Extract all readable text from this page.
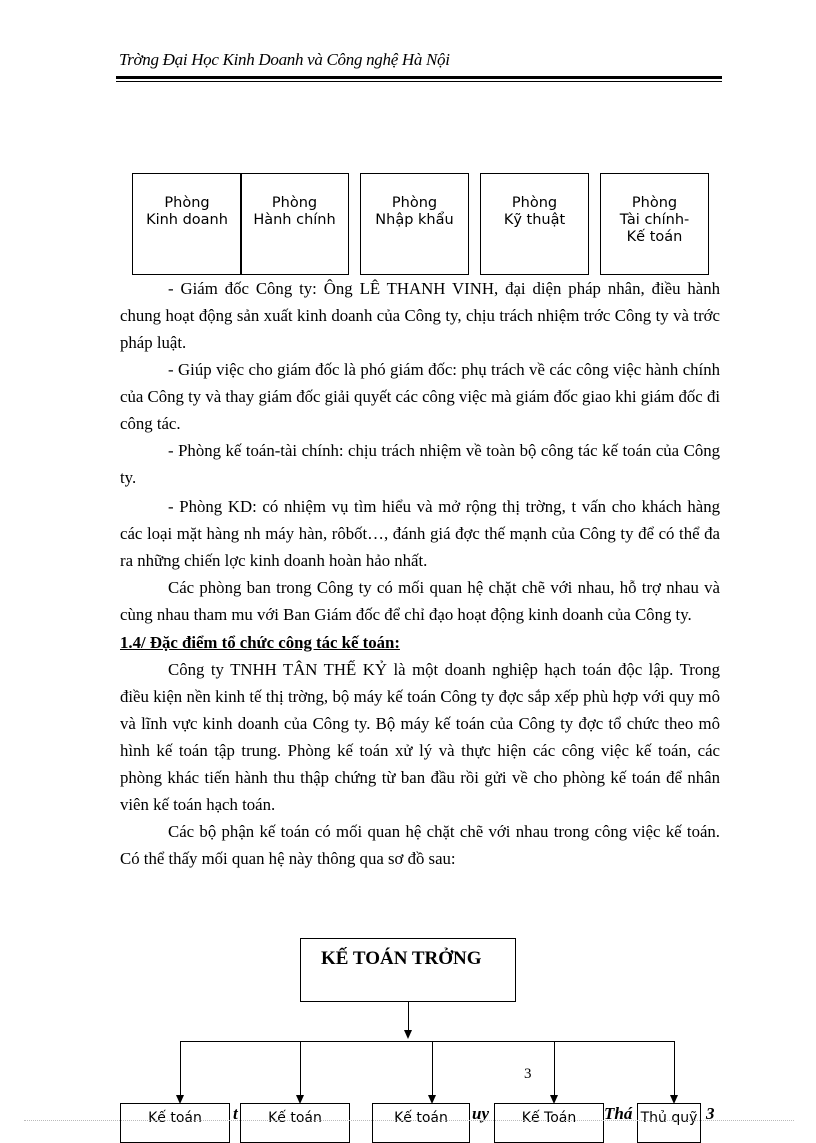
Trờng Đại Học Kinh Doanh và Công nghệ Hà Nội
Phòng
Kinh doanh
Phòng
Hành chính
Phòng
Nhập khẩu
Phòng
Kỹ thuật
Phòng
Tài chính-
Kế toán

- Giám đốc Công ty: Ông LÊ THANH VINH, đại diện pháp nhân, điều hành chung hoạt động sản xuất kinh doanh của Công ty, chịu trách nhiệm trớc Công ty và trớc pháp luật.

- Giúp việc cho giám đốc là phó giám đốc: phụ trách về các công việc hành chính của Công ty và thay giám đốc giải quyết các công việc mà giám đốc giao khi giám đốc đi công tác.

- Phòng kế toán-tài chính: chịu trách nhiệm về toàn bộ công tác kế toán của Công ty.

- Phòng KD: có nhiệm vụ tìm hiểu và mở rộng thị trờng, t vấn cho khách hàng các loại mặt hàng nh máy hàn, rôbốt…, đánh giá đợc thế mạnh của Công ty để có thể đa ra những chiến lợc kinh doanh hoàn hảo nhất.

Các phòng ban trong Công ty có mối quan hệ chặt chẽ với nhau, hỗ trợ nhau và cùng nhau tham mu với Ban Giám đốc để chỉ đạo hoạt động kinh doanh của Công ty.

1.4/ Đặc điểm tổ chức công tác kế toán:

Công ty TNHH TÂN THẾ KỶ là một doanh nghiệp hạch toán độc lập. Trong điều kiện nền kinh tế thị trờng, bộ máy kế toán Công ty đợc sắp xếp phù hợp với quy mô và lĩnh vực kinh doanh của Công ty. Bộ máy kế toán của Công ty đợc tổ chức theo mô hình kế toán tập trung. Phòng kế toán xử lý và thực hiện các công việc kế toán, các phòng khác tiến hành thu thập chứng từ ban đầu rồi gửi về cho phòng kế toán để nhân viên kế toán hạch toán.

Các bộ phận kế toán có mối quan hệ chặt chẽ với nhau trong công việc kế toán. Có thể thấy mối quan hệ này thông qua sơ đồ sau:

KẾ TOÁN TRỞNG
3
Kế toán	t	Kế toán	Kế toán	uy	Kế Toán	Thá Thủ quỹ 3
